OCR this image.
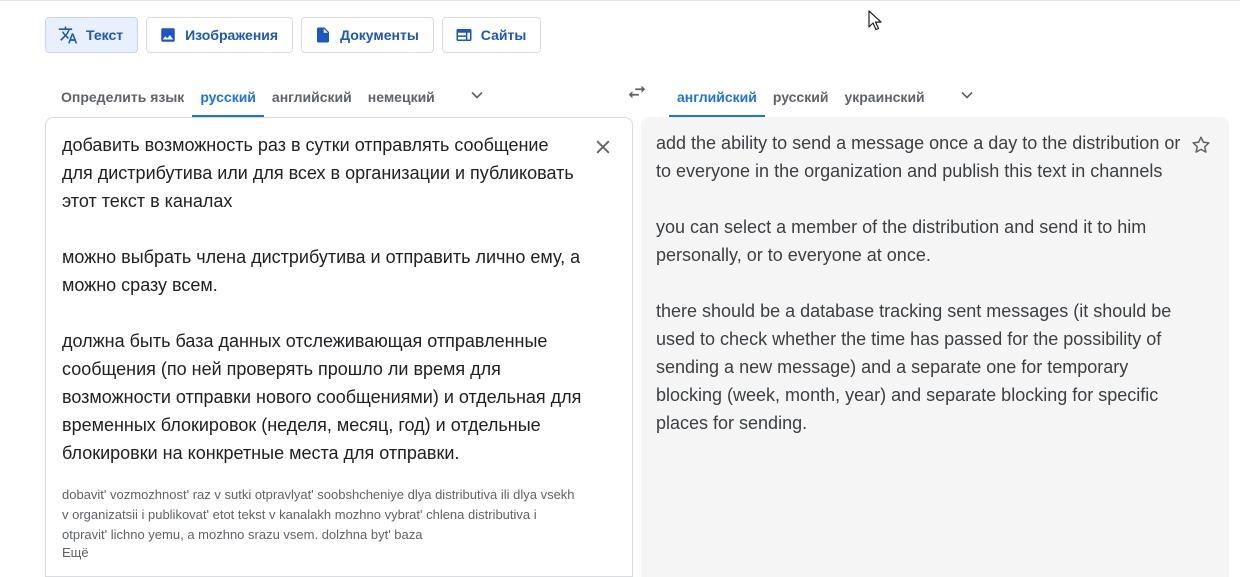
Текст	Изображения	Документы	Сайты
Определить язык	русский	английский	немецкий	английский	русский	украинский

добавить возможность раз в сутки отправлять сообщение для дистрибутива или для всех в организации и публиковать этот текст в каналах

можно выбрать члена дистрибутива и отправить лично ему, а можно сразу всем.

должна быть база данных отслеживающая отправленные сообщения (по ней проверять прошло ли время для возможности отправки нового сообщениями) и отдельная для временных блокировок (неделя, месяц, год) и отдельные блокировки на конкретные места для отправки.

dobavit' vozmozhnost' raz v sutki otpravlyat' soobshcheniye dlya distributiva ili dlya vsekh v organizatsii i publikovat' etot tekst v kanalakh mozhno vybrat' chlena distributiva i otpravit' lichno yemu, a mozhno srazu vsem. dolzhna byt' baza
Ещё

add the ability to send a message once a day to the distribution or to everyone in the organization and publish this text in channels

you can select a member of the distribution and send it to him personally, or to everyone at once.

there should be a database tracking sent messages (it should be used to check whether the time has passed for the possibility of sending a new message) and a separate one for temporary blocking (week, month, year) and separate blocking for specific places for sending.
